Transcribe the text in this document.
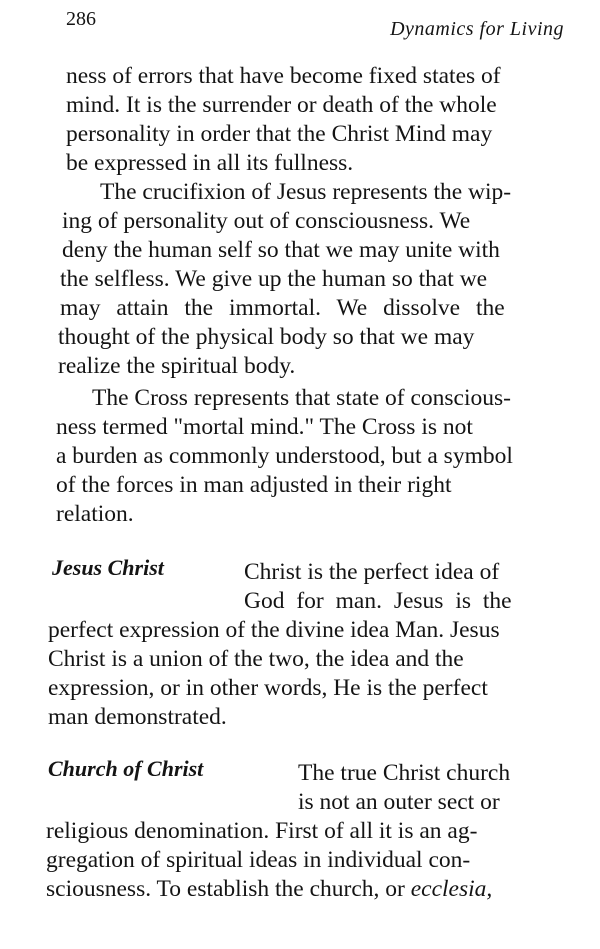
286	Dynamics for Living
ness of errors that have become fixed states of
mind. It is the surrender or death of the whole
personality in order that the Christ Mind may
be expressed in all its fullness.
The crucifixion of Jesus represents the wip-
ing of personality out of consciousness. We
deny the human self so that we may unite with
the selfless. We give up the human so that we
may attain the immortal. We dissolve the
thought of the physical body so that we may
realize the spiritual body.
The Cross represents that state of conscious-
ness termed "mortal mind." The Cross is not
a burden as commonly understood, but a symbol
of the forces in man adjusted in their right
relation.
Jesus Christ	Christ is the perfect idea of
God for man. Jesus is the
perfect expression of the divine idea Man. Jesus
Christ is a union of the two, the idea and the
expression, or in other words, He is the perfect
man demonstrated.
Church of Christ	The true Christ church
is not an outer sect or
religious denomination. First of all it is an ag-
gregation of spiritual ideas in individual con-
sciousness. To establish the church, or ecclesia,
